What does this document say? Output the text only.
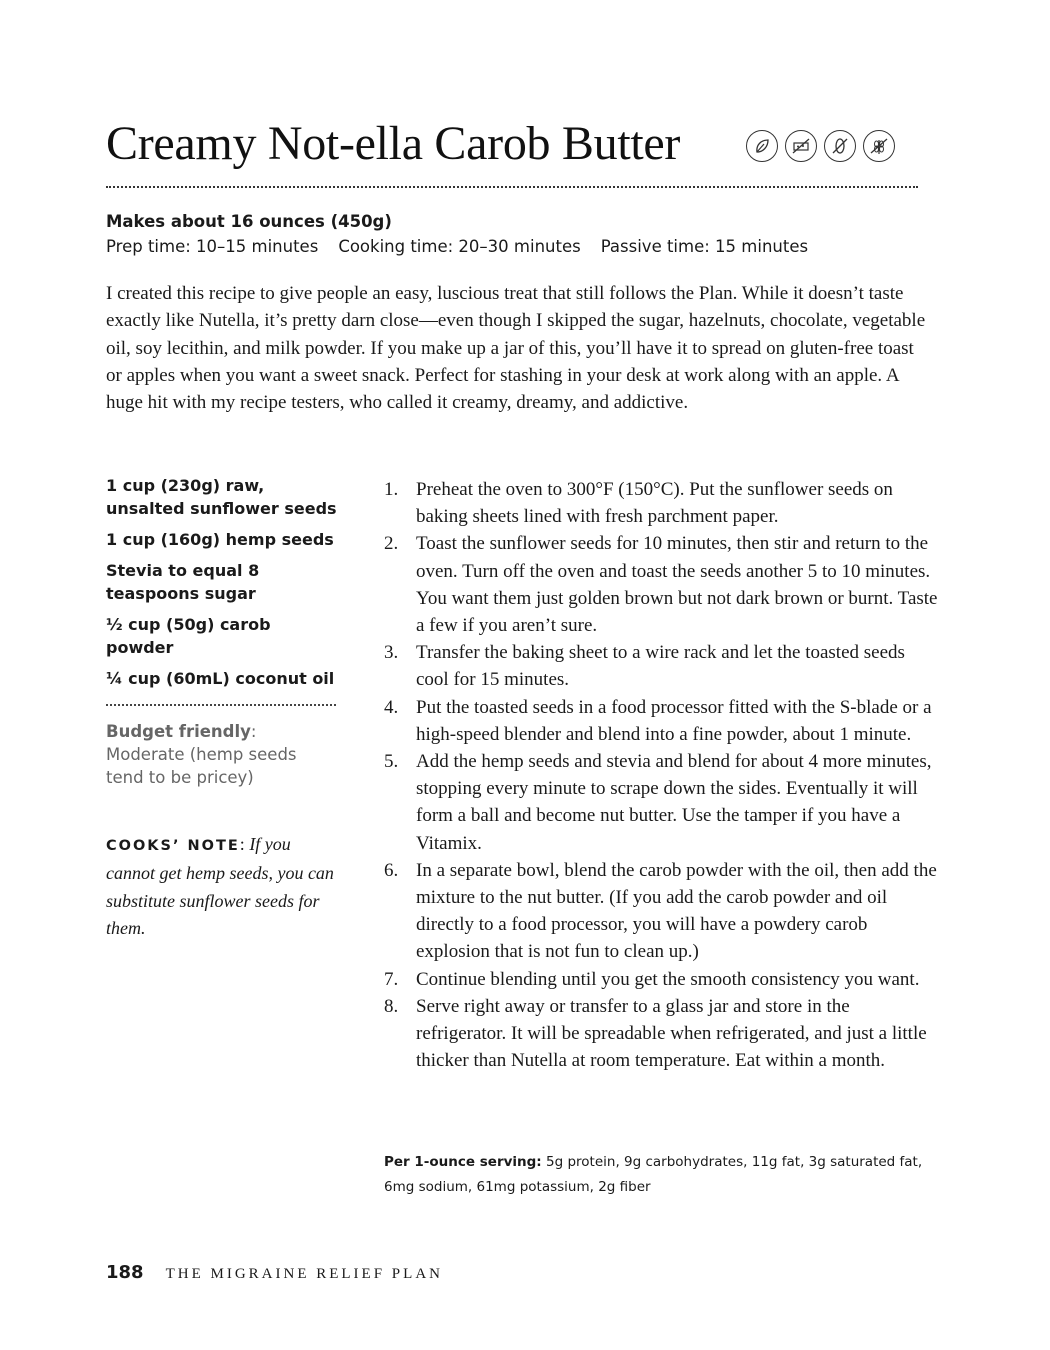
Creamy Not-ella Carob Butter
Makes about 16 ounces (450g)
Prep time: 10–15 minutes Cooking time: 20–30 minutes Passive time: 15 minutes

I created this recipe to give people an easy, luscious treat that still follows the Plan. While it doesn’t taste exactly like Nutella, it’s pretty darn close—even though I skipped the sugar, hazelnuts, chocolate, vegetable oil, soy lecithin, and milk powder. If you make up a jar of this, you’ll have it to spread on gluten-free toast or apples when you want a sweet snack. Perfect for stashing in your desk at work along with an apple. A huge hit with my recipe testers, who called it creamy, dreamy, and addictive.

1 cup (230g) raw, unsalted sunflower seeds
1 cup (160g) hemp seeds
Stevia to equal 8 teaspoons sugar
½ cup (50g) carob powder
¼ cup (60mL) coconut oil
Budget friendly: Moderate (hemp seeds tend to be pricey)
COOKS’ NOTE: If you cannot get hemp seeds, you can substitute sunflower seeds for them.
1. Preheat the oven to 300°F (150°C). Put the sunflower seeds on baking sheets lined with fresh parchment paper.
2. Toast the sunflower seeds for 10 minutes, then stir and return to the oven. Turn off the oven and toast the seeds another 5 to 10 minutes. You want them just golden brown but not dark brown or burnt. Taste a few if you aren’t sure.
3. Transfer the baking sheet to a wire rack and let the toasted seeds cool for 15 minutes.
4. Put the toasted seeds in a food processor fitted with the S-blade or a high-speed blender and blend into a fine powder, about 1 minute.
5. Add the hemp seeds and stevia and blend for about 4 more minutes, stopping every minute to scrape down the sides. Eventually it will form a ball and become nut butter. Use the tamper if you have a Vitamix.
6. In a separate bowl, blend the carob powder with the oil, then add the mixture to the nut butter. (If you add the carob powder and oil directly to a food processor, you will have a powdery carob explosion that is not fun to clean up.)
7. Continue blending until you get the smooth consistency you want.
8. Serve right away or transfer to a glass jar and store in the refrigerator. It will be spreadable when refrigerated, and just a little thicker than Nutella at room temperature. Eat within a month.
Per 1-ounce serving: 5g protein, 9g carbohydrates, 11g fat, 3g saturated fat, 6mg sodium, 61mg potassium, 2g fiber
188 THE MIGRAINE RELIEF PLAN
